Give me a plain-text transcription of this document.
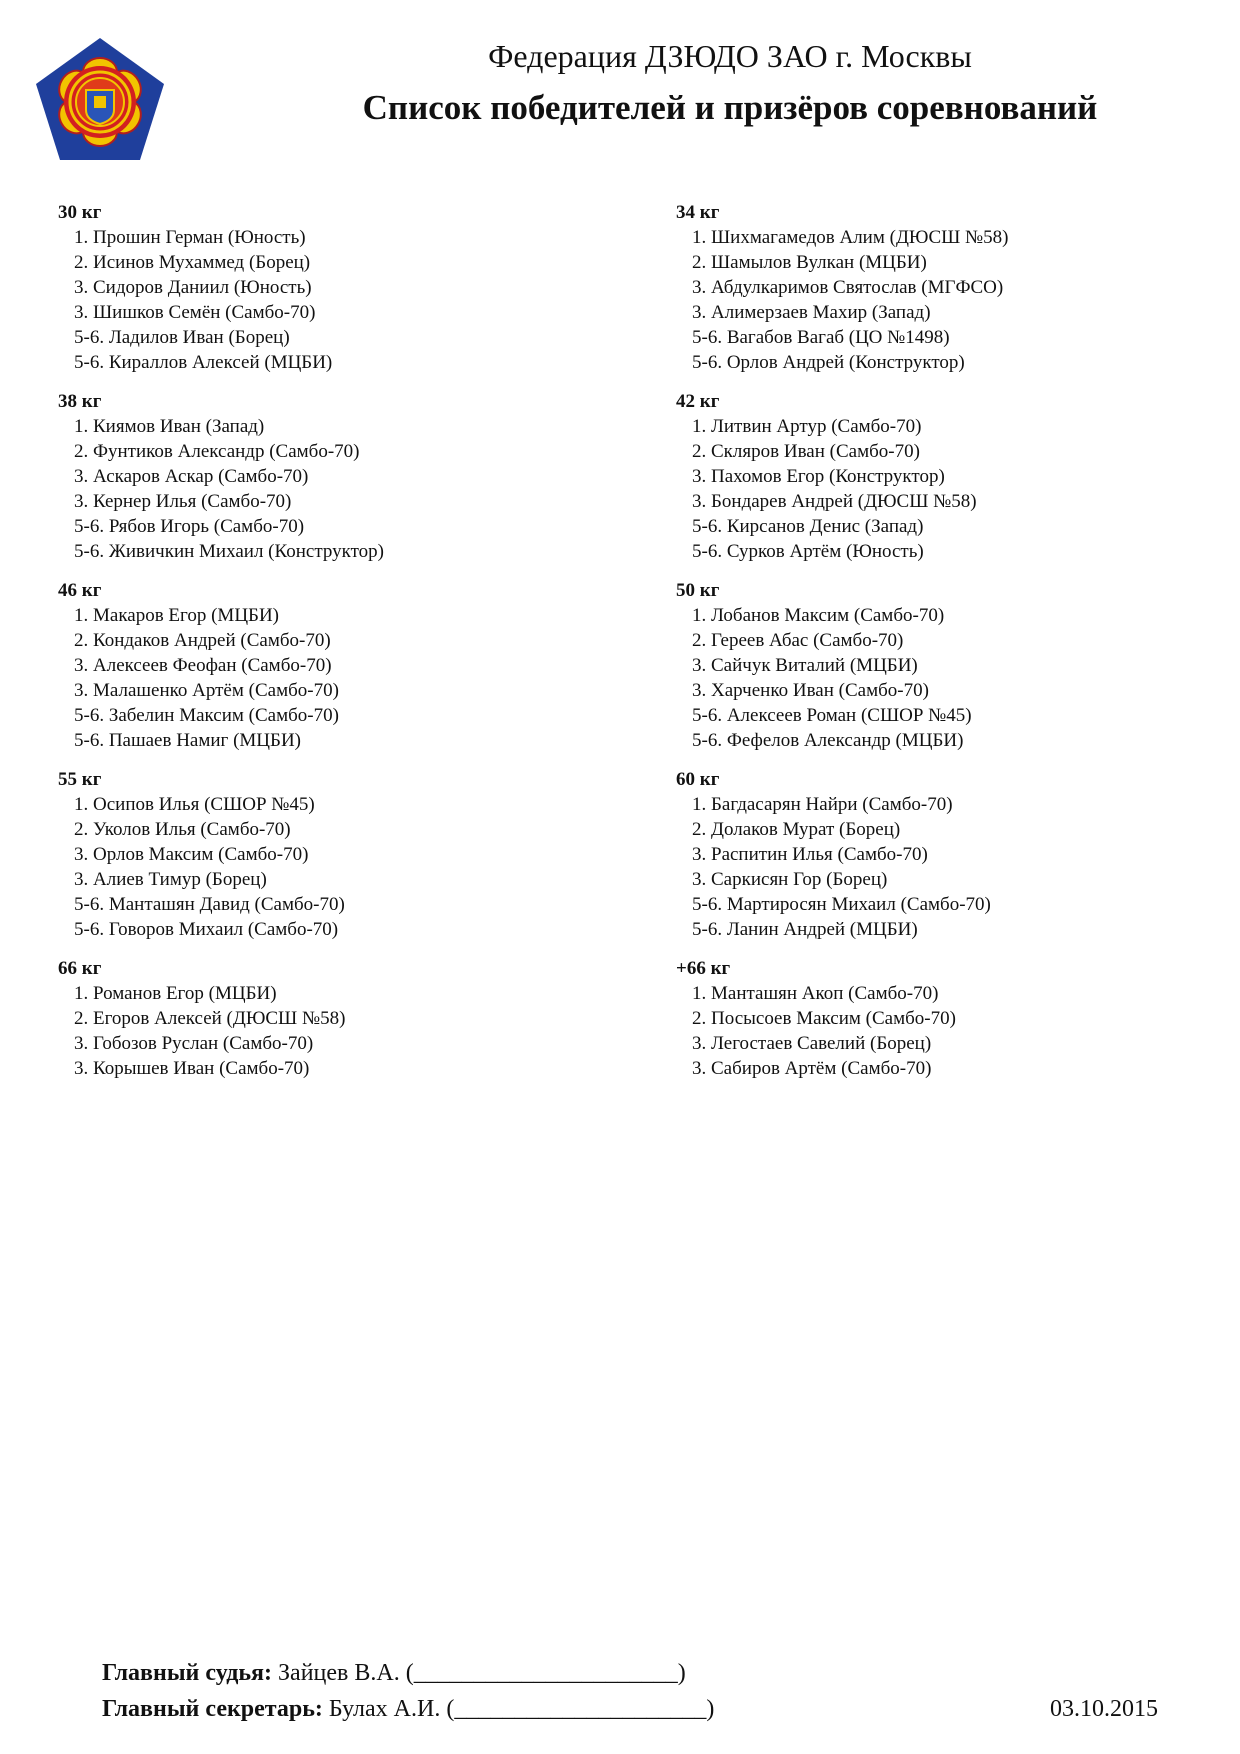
Федерация ДЗЮДО ЗАО г. Москвы
Список победителей и призёров соревнований
30 кг
1. Прошин Герман (Юность)
2. Исинов Мухаммед (Борец)
3. Сидоров Даниил (Юность)
3. Шишков Семён (Самбо-70)
5-6. Ладилов Иван (Борец)
5-6. Кираллов Алексей (МЦБИ)
38 кг
1. Киямов Иван (Запад)
2. Фунтиков Александр (Самбо-70)
3. Аскаров Аскар (Самбо-70)
3. Кернер Илья (Самбо-70)
5-6. Рябов Игорь (Самбо-70)
5-6. Живичкин Михаил (Конструктор)
46 кг
1. Макаров Егор (МЦБИ)
2. Кондаков Андрей (Самбо-70)
3. Алексеев Феофан (Самбо-70)
3. Малашенко Артём (Самбо-70)
5-6. Забелин Максим (Самбо-70)
5-6. Пашаев Намиг (МЦБИ)
55 кг
1. Осипов Илья (СШОР №45)
2. Уколов Илья (Самбо-70)
3. Орлов Максим (Самбо-70)
3. Алиев Тимур (Борец)
5-6. Манташян Давид (Самбо-70)
5-6. Говоров Михаил (Самбо-70)
66 кг
1. Романов Егор (МЦБИ)
2. Егоров Алексей (ДЮСШ №58)
3. Гобозов Руслан (Самбо-70)
3. Корышев Иван (Самбо-70)
34 кг
1. Шихмагамедов Алим (ДЮСШ №58)
2. Шамылов Вулкан (МЦБИ)
3. Абдулкаримов Святослав (МГФСО)
3. Алимерзаев Махир (Запад)
5-6. Вагабов Вагаб (ЦО №1498)
5-6. Орлов Андрей (Конструктор)
42 кг
1. Литвин Артур (Самбо-70)
2. Скляров Иван (Самбо-70)
3. Пахомов Егор (Конструктор)
3. Бондарев Андрей (ДЮСШ №58)
5-6. Кирсанов Денис (Запад)
5-6. Сурков Артём (Юность)
50 кг
1. Лобанов Максим (Самбо-70)
2. Гереев Абас (Самбо-70)
3. Сайчук Виталий (МЦБИ)
3. Харченко Иван (Самбо-70)
5-6. Алексеев Роман (СШОР №45)
5-6. Фефелов Александр (МЦБИ)
60 кг
1. Багдасарян Найри (Самбо-70)
2. Долаков Мурат (Борец)
3. Распитин Илья (Самбо-70)
3. Саркисян Гор (Борец)
5-6. Мартиросян Михаил (Самбо-70)
5-6. Ланин Андрей (МЦБИ)
+66 кг
1. Манташян Акоп (Самбо-70)
2. Посысоев Максим (Самбо-70)
3. Легостаев Савелий (Борец)
3. Сабиров Артём (Самбо-70)
Главный судья: Зайцев В.А. (______________________)
Главный секретарь: Булах А.И. (_____________________)	03.10.2015
